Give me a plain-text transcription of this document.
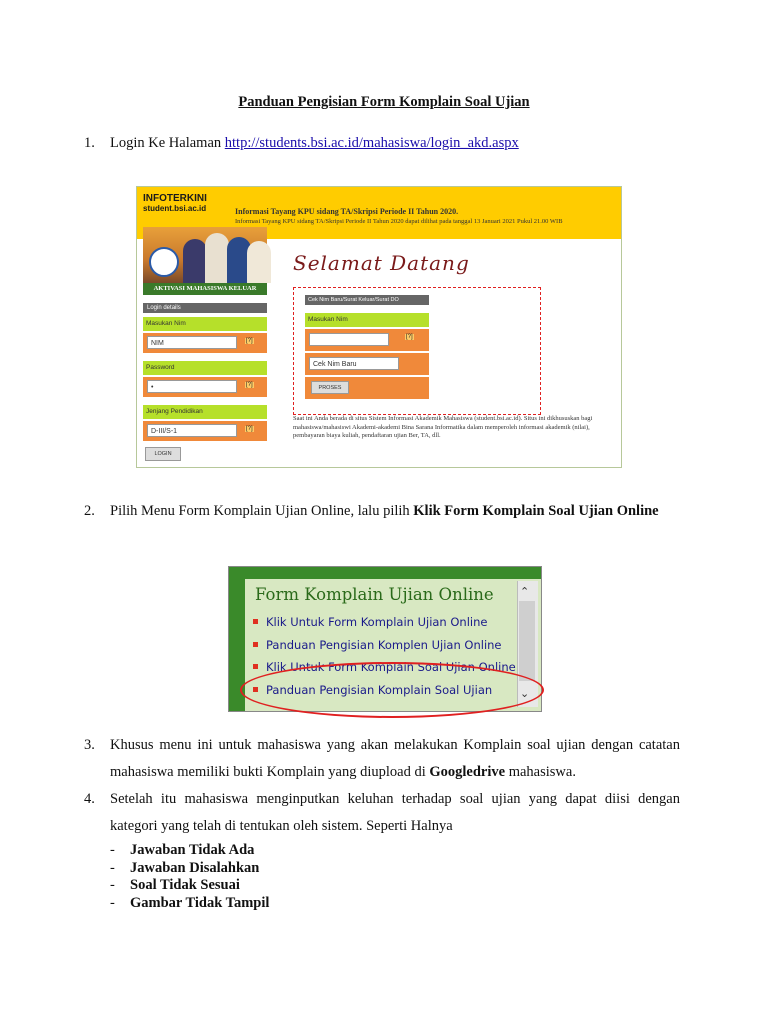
Panduan Pengisian Form Komplain Soal Ujian
1. Login Ke Halaman http://students.bsi.ac.id/mahasiswa/login_akd.aspx
INFOTERKINI
student.bsi.ac.id	Informasi Tayang KPU sidang TA/Skripsi Periode II Tahun 2020.
Informasi Tayang KPU sidang TA/Skripsi Periode II Tahun 2020 dapat dilihat pada tanggal 13 Januari 2021 Pukul 21.00 WIB
AKTIVASI MAHASISWA KELUAR
Selamat Datang
Login details
Masukan Nim
NIM	[?]
Password
•	[?]
Jenjang Pendidikan
D-III/S-1	[?]
LOGIN
Cek Nim Baru/Surat Keluar/Surat DO
Masukan Nim
[?]
Cek Nim Baru
PROSES
Saat ini Anda berada di situs Sistem Informasi Akademik Mahasiswa (student.bsi.ac.id). Situs ini dikhususkan bagi mahasiswa/mahasiswi Akademi-akademi Bina Sarana Informatika dalam memperoleh informasi akademik (nilai), pembayaran biaya kuliah, pendaftaran ujian Ber, TA, dll.
2. Pilih Menu Form Komplain Ujian Online, lalu pilih Klik Form Komplain Soal Ujian Online
Form Komplain Ujian Online
Klik Untuk Form Komplain Ujian Online
Panduan Pengisian Komplen Ujian Online
Klik Untuk Form Komplain Soal Ujian Online
Panduan Pengisian Komplain Soal Ujian
⌃
⌄
3. Khusus menu ini untuk mahasiswa yang akan melakukan Komplain soal ujian dengan catatan mahasiswa memiliki bukti Komplain yang diupload di Googledrive mahasiswa.
4. Setelah itu mahasiswa menginputkan keluhan terhadap soal ujian yang dapat diisi dengan kategori yang telah di tentukan oleh sistem. Seperti Halnya
-	Jawaban Tidak Ada
-	Jawaban Disalahkan
-	Soal Tidak Sesuai
-	Gambar Tidak Tampil
